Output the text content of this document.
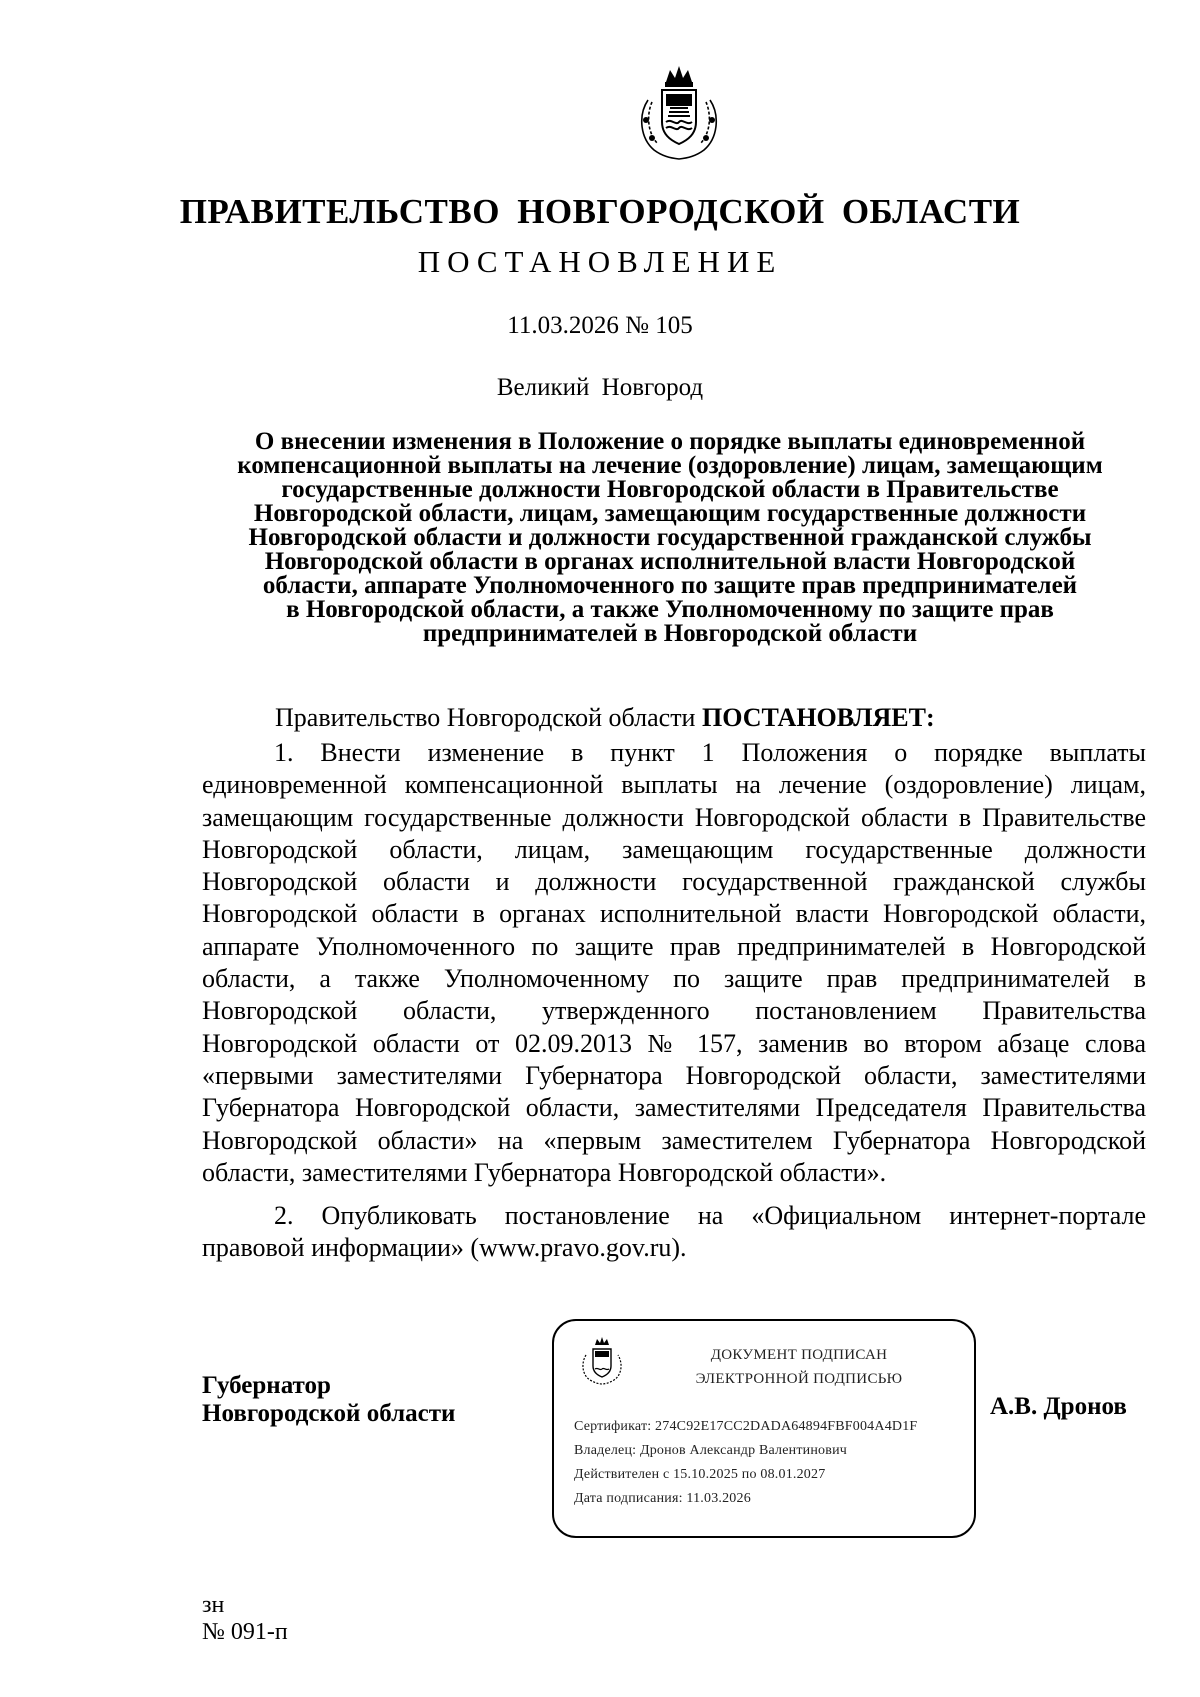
ПРАВИТЕЛЬСТВО НОВГОРОДСКОЙ ОБЛАСТИ
ПОСТАНОВЛЕНИЕ
11.03.2026 № 105
Великий Новгород
О внесении изменения в Положение о порядке выплаты единовременной
компенсационной выплаты на лечение (оздоровление) лицам, замещающим
государственные должности Новгородской области в Правительстве
Новгородской области, лицам, замещающим государственные должности
Новгородской области и должности государственной гражданской службы
Новгородской области в органах исполнительной власти Новгородской
области, аппарате Уполномоченного по защите прав предпринимателей
в Новгородской области, а также Уполномоченному по защите прав
предпринимателей в Новгородской области
Правительство Новгородской области ПОСТАНОВЛЯЕТ:
1. Внести изменение в пункт 1 Положения о порядке выплаты единовременной компенсационной выплаты на лечение (оздоровление) лицам, замещающим государственные должности Новгородской области в Правительстве Новгородской области, лицам, замещающим государственные должности Новгородской области и должности государственной гражданской службы Новгородской области в органах исполнительной власти Новгородской области, аппарате Уполномоченного по защите прав предпринимателей в Новгородской области, а также Уполномоченному по защите прав предпринимателей в Новгородской области, утвержденного постановлением Правительства Новгородской области от 02.09.2013 № 157, заменив во втором абзаце слова «первыми заместителями Губернатора Новгородской области, заместителями Губернатора Новгородской области, заместителями Председателя Правительства Новгородской области» на «первым заместителем Губернатора Новгородской области, заместителями Губернатора Новгородской области».
2. Опубликовать постановление на «Официальном интернет-портале правовой информации» (www.pravo.gov.ru).
Губернатор
Новгородской области
ДОКУМЕНТ ПОДПИСАН
ЭЛЕКТРОННОЙ ПОДПИСЬЮ
Сертификат: 274C92E17CC2DADA64894FBF004A4D1F
Владелец: Дронов Александр Валентинович
Действителен с 15.10.2025 по 08.01.2027
Дата подписания: 11.03.2026
А.В. Дронов
зн
№ 091-п
